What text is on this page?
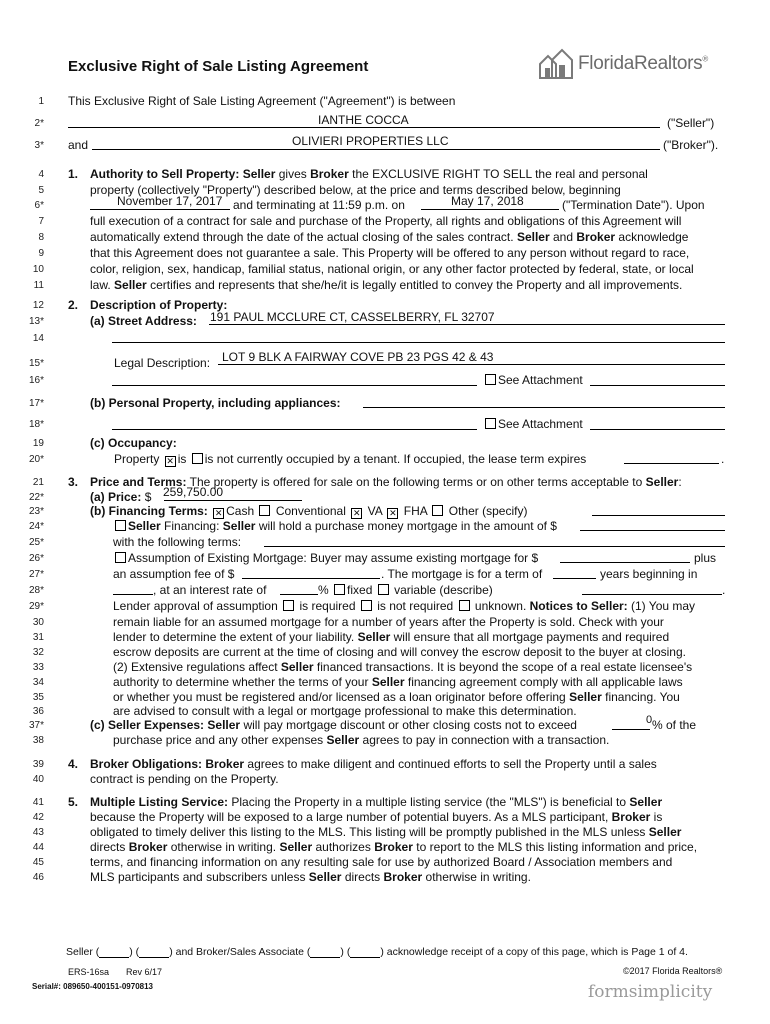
Exclusive Right of Sale Listing Agreement	FloridaRealtors®
1
2*
3*
4
5
6*
7
8
9
10
11
12
13*
14
15*
16*
17*
18*
19
20*
21
22*
23*
24*
25*
26*
27*
28*
29*
30
31
32
33
34
35
36
37*
38
39
40
41
42
43
44
45
46
This Exclusive Right of Sale Listing Agreement ("Agreement") is between
IANTHE COCCA	("Seller")
and	OLIVIERI PROPERTIES LLC	("Broker").
1. Authority to Sell Property: Seller gives Broker the EXCLUSIVE RIGHT TO SELL the real and personal
property (collectively "Property") described below, at the price and terms described below, beginning
November 17, 2017 and terminating at 11:59 p.m. on	May 17, 2018	("Termination Date"). Upon
full execution of a contract for sale and purchase of the Property, all rights and obligations of this Agreement will
automatically extend through the date of the actual closing of the sales contract. Seller and Broker acknowledge
that this Agreement does not guarantee a sale. This Property will be offered to any person without regard to race,
color, religion, sex, handicap, familial status, national origin, or any other factor protected by federal, state, or local
law. Seller certifies and represents that she/he/it is legally entitled to convey the Property and all improvements.
2. Description of Property:
(a) Street Address: 191 PAUL MCCLURE CT, CASSELBERRY, FL 32707
Legal Description: LOT 9 BLK A FAIRWAY COVE PB 23 PGS 42 & 43
See Attachment
(b) Personal Property, including appliances:
See Attachment
(c) Occupancy:
Property ✕ is is not currently occupied by a tenant. If occupied, the lease term expires	.
3. Price and Terms: The property is offered for sale on the following terms or on other terms acceptable to Seller:
(a) Price: $ 259,750.00
(b) Financing Terms: ✕ Cash Conventional ✕ VA ✕ FHA Other (specify)
Seller Financing: Seller will hold a purchase money mortgage in the amount of $
with the following terms:
Assumption of Existing Mortgage: Buyer may assume existing mortgage for $	plus
an assumption fee of $	. The mortgage is for a term of	years beginning in
, at an interest rate of	% fixed variable (describe)	.
Lender approval of assumption is required is not required unknown. Notices to Seller: (1) You may
remain liable for an assumed mortgage for a number of years after the Property is sold. Check with your
lender to determine the extent of your liability. Seller will ensure that all mortgage payments and required
escrow deposits are current at the time of closing and will convey the escrow deposit to the buyer at closing.
(2) Extensive regulations affect Seller financed transactions. It is beyond the scope of a real estate licensee's
authority to determine whether the terms of your Seller financing agreement comply with all applicable laws
or whether you must be registered and/or licensed as a loan originator before offering Seller financing. You
are advised to consult with a legal or mortgage professional to make this determination.
(c) Seller Expenses: Seller will pay mortgage discount or other closing costs not to exceed	0 % of the
purchase price and any other expenses Seller agrees to pay in connection with a transaction.
4. Broker Obligations: Broker agrees to make diligent and continued efforts to sell the Property until a sales
contract is pending on the Property.
5. Multiple Listing Service: Placing the Property in a multiple listing service (the "MLS") is beneficial to Seller
because the Property will be exposed to a large number of potential buyers. As a MLS participant, Broker is
obligated to timely deliver this listing to the MLS. This listing will be promptly published in the MLS unless Seller
directs Broker otherwise in writing. Seller authorizes Broker to report to the MLS this listing information and price,
terms, and financing information on any resulting sale for use by authorized Board / Association members and
MLS participants and subscribers unless Seller directs Broker otherwise in writing.
Seller (	) (	) and Broker/Sales Associate (	) (	) acknowledge receipt of a copy of this page, which is Page 1 of 4.
ERS-16sa Rev 6/17	©2017 Florida Realtors®
Serial#: 089650-400151-0970813	formsimplicity
